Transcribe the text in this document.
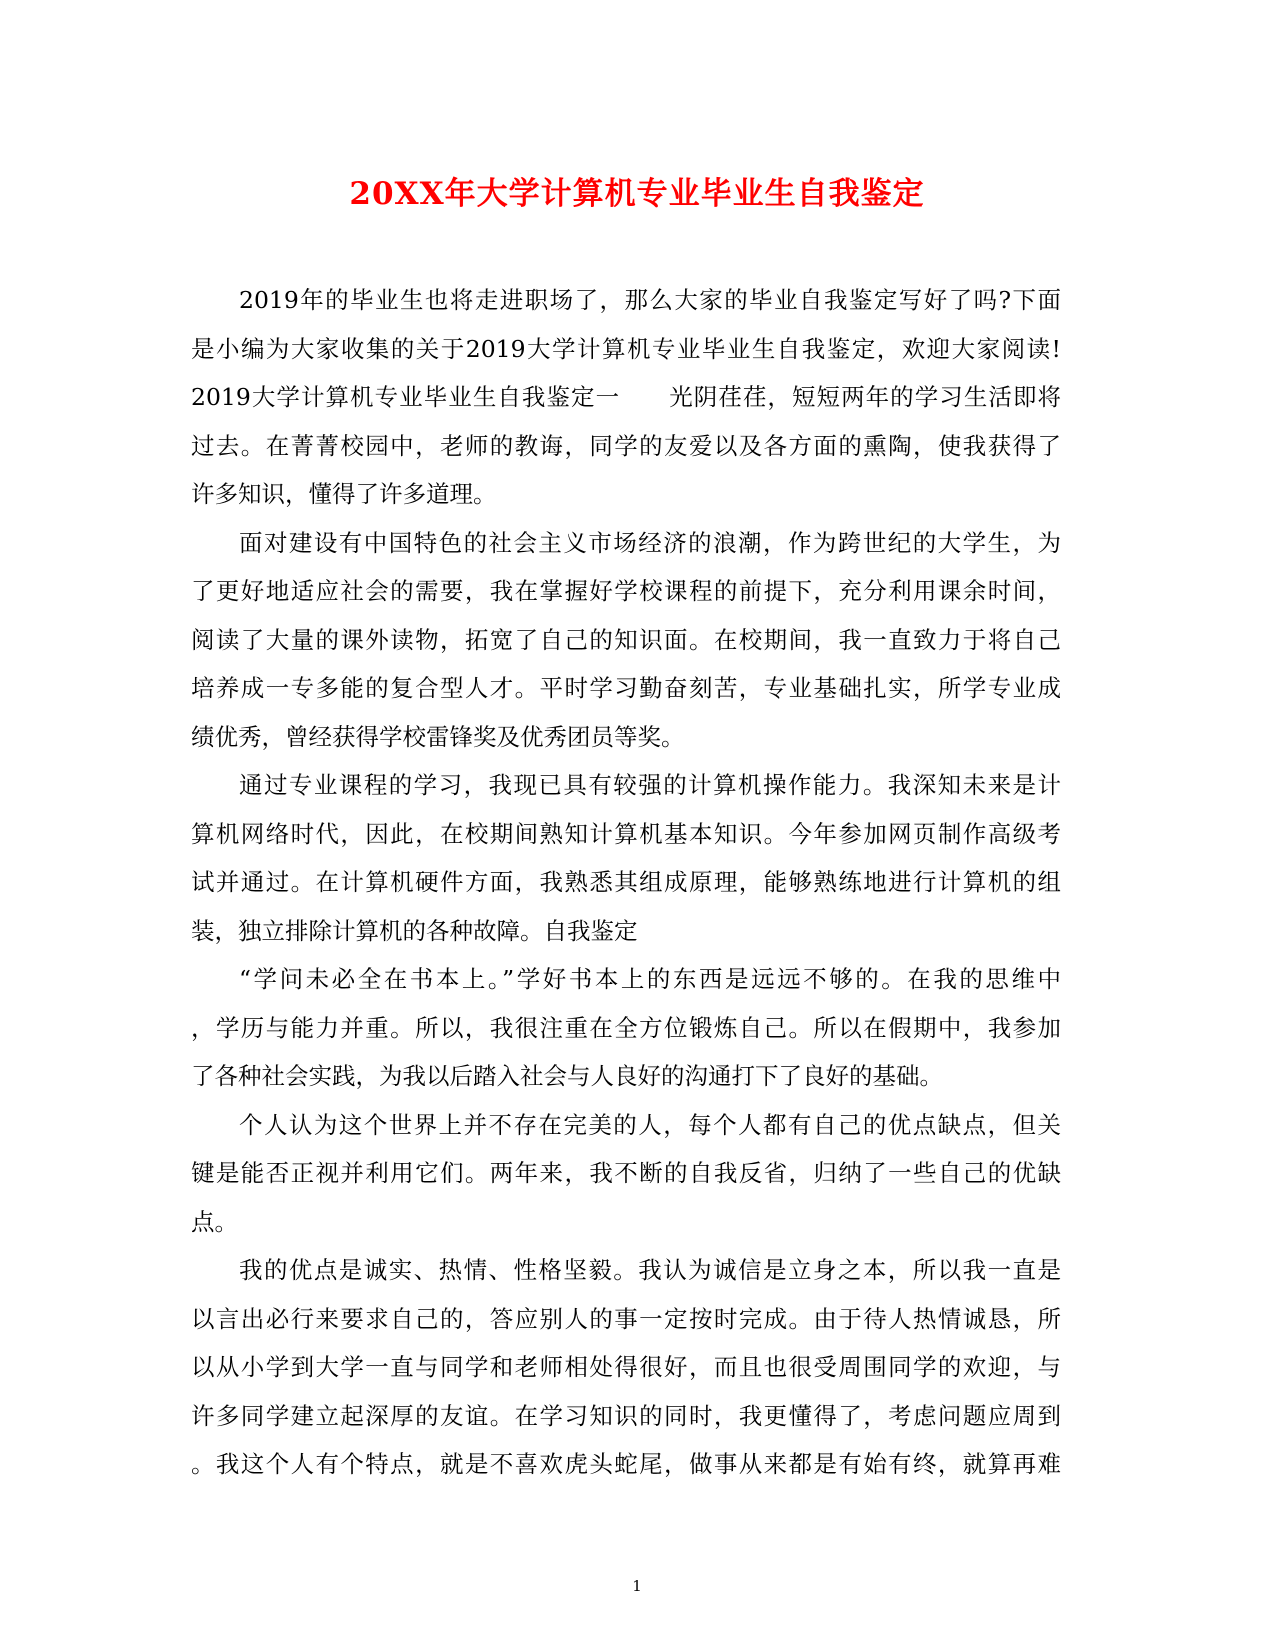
20XX年大学计算机专业毕业生自我鉴定
2019年的毕业生也将走进职场了，那么大家的毕业自我鉴定写好了吗?下面
是小编为大家收集的关于2019大学计算机专业毕业生自我鉴定，欢迎大家阅读!
2019大学计算机专业毕业生自我鉴定一　　光阴荏荏，短短两年的学习生活即将
过去。在菁菁校园中，老师的教诲，同学的友爱以及各方面的熏陶，使我获得了
许多知识，懂得了许多道理。
面对建设有中国特色的社会主义市场经济的浪潮，作为跨世纪的大学生，为
了更好地适应社会的需要，我在掌握好学校课程的前提下，充分利用课余时间，
阅读了大量的课外读物，拓宽了自己的知识面。在校期间，我一直致力于将自己
培养成一专多能的复合型人才。平时学习勤奋刻苦，专业基础扎实，所学专业成
绩优秀，曾经获得学校雷锋奖及优秀团员等奖。
通过专业课程的学习，我现已具有较强的计算机操作能力。我深知未来是计
算机网络时代，因此，在校期间熟知计算机基本知识。今年参加网页制作高级考
试并通过。在计算机硬件方面，我熟悉其组成原理，能够熟练地进行计算机的组
装，独立排除计算机的各种故障。自我鉴定
“学问未必全在书本上。”学好书本上的东西是远远不够的。在我的思维中
，学历与能力并重。所以，我很注重在全方位锻炼自己。所以在假期中，我参加
了各种社会实践，为我以后踏入社会与人良好的沟通打下了良好的基础。
个人认为这个世界上并不存在完美的人，每个人都有自己的优点缺点，但关
键是能否正视并利用它们。两年来，我不断的自我反省，归纳了一些自己的优缺
点。
我的优点是诚实、热情、性格坚毅。我认为诚信是立身之本，所以我一直是
以言出必行来要求自己的，答应别人的事一定按时完成。由于待人热情诚恳，所
以从小学到大学一直与同学和老师相处得很好，而且也很受周围同学的欢迎，与
许多同学建立起深厚的友谊。在学习知识的同时，我更懂得了，考虑问题应周到
。我这个人有个特点，就是不喜欢虎头蛇尾，做事从来都是有始有终，就算再难
1
